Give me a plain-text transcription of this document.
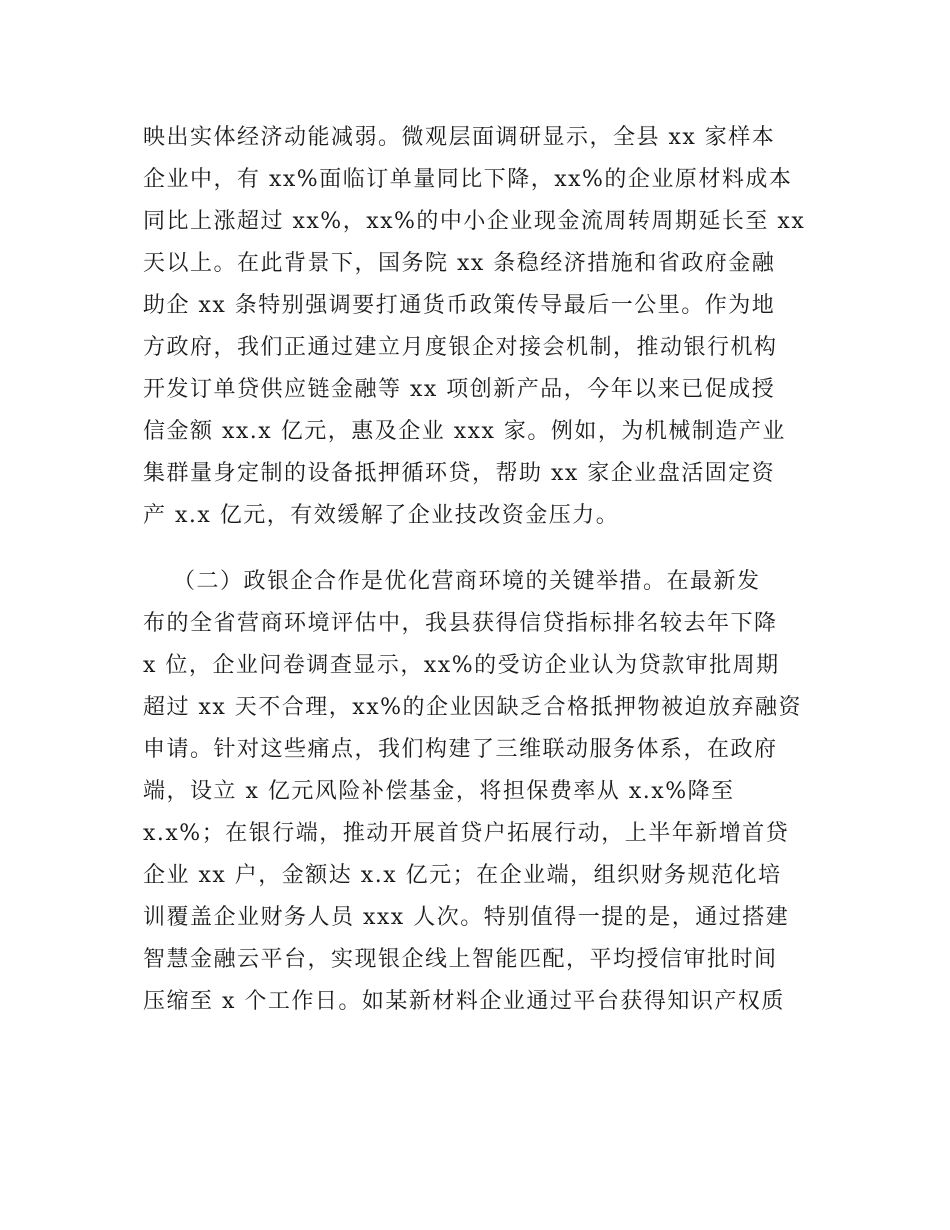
映出实体经济动能减弱。微观层面调研显示，全县 xx 家样本
企业中，有 xx%面临订单量同比下降，xx%的企业原材料成本
同比上涨超过 xx%，xx%的中小企业现金流周转周期延长至 xx
天以上。在此背景下，国务院 xx 条稳经济措施和省政府金融
助企 xx 条特别强调要打通货币政策传导最后一公里。作为地
方政府，我们正通过建立月度银企对接会机制，推动银行机构
开发订单贷供应链金融等 xx 项创新产品，今年以来已促成授
信金额 xx.x 亿元，惠及企业 xxx 家。例如，为机械制造产业
集群量身定制的设备抵押循环贷，帮助 xx 家企业盘活固定资
产 x.x 亿元，有效缓解了企业技改资金压力。
（二）政银企合作是优化营商环境的关键举措。在最新发
布的全省营商环境评估中，我县获得信贷指标排名较去年下降
x 位，企业问卷调查显示，xx%的受访企业认为贷款审批周期
超过 xx 天不合理，xx%的企业因缺乏合格抵押物被迫放弃融资
申请。针对这些痛点，我们构建了三维联动服务体系，在政府
端，设立 x 亿元风险补偿基金，将担保费率从 x.x%降至
x.x%；在银行端，推动开展首贷户拓展行动，上半年新增首贷
企业 xx 户，金额达 x.x 亿元；在企业端，组织财务规范化培
训覆盖企业财务人员 xxx 人次。特别值得一提的是，通过搭建
智慧金融云平台，实现银企线上智能匹配，平均授信审批时间
压缩至 x 个工作日。如某新材料企业通过平台获得知识产权质
